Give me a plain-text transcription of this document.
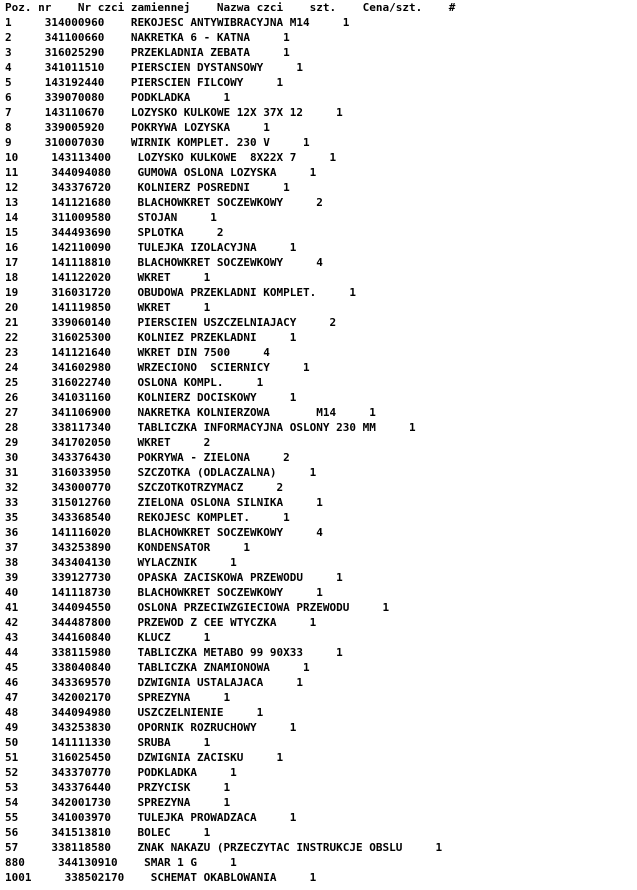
Poz. nr    Nr czci zamiennej    Nazwa czci    szt.    Cena/szt.    #
1     314000960    REKOJESC ANTYWIBRACYJNA M14     1
2     341100660    NAKRETKA 6 - KATNA     1
3     316025290    PRZEKLADNIA ZEBATA     1
4     341011510    PIERSCIEN DYSTANSOWY     1
5     143192440    PIERSCIEN FILCOWY     1
6     339070080    PODKLADKA     1
7     143110670    LOZYSKO KULKOWE 12X 37X 12     1
8     339005920    POKRYWA LOZYSKA     1
9     310007030    WIRNIK KOMPLET. 230 V     1
10     143113400    LOZYSKO KULKOWE  8X22X 7     1
11     344094080    GUMOWA OSLONA LOZYSKA     1
12     343376720    KOLNIERZ POSREDNI     1
13     141121680    BLACHOWKRET SOCZEWKOWY     2
14     311009580    STOJAN     1
15     344493690    SPLOTKA     2
16     142110090    TULEJKA IZOLACYJNA     1
17     141118810    BLACHOWKRET SOCZEWKOWY     4
18     141122020    WKRET     1
19     316031720    OBUDOWA PRZEKLADNI KOMPLET.     1
20     141119850    WKRET     1
21     339060140    PIERSCIEN USZCZELNIAJACY     2
22     316025300    KOLNIEZ PRZEKLADNI     1
23     141121640    WKRET DIN 7500     4
24     341602980    WRZECIONO  SCIERNICY     1
25     316022740    OSLONA KOMPL.     1
26     341031160    KOLNIERZ DOCISKOWY     1
27     341106900    NAKRETKA KOLNIERZOWA       M14     1
28     338117340    TABLICZKA INFORMACYJNA OSLONY 230 MM     1
29     341702050    WKRET     2
30     343376430    POKRYWA - ZIELONA     2
31     316033950    SZCZOTKA (ODLACZALNA)     1
32     343000770    SZCZOTKOTRZYMACZ     2
33     315012760    ZIELONA OSLONA SILNIKA     1
35     343368540    REKOJESC KOMPLET.     1
36     141116020    BLACHOWKRET SOCZEWKOWY     4
37     343253890    KONDENSATOR     1
38     343404130    WYLACZNIK     1
39     339127730    OPASKA ZACISKOWA PRZEWODU     1
40     141118730    BLACHOWKRET SOCZEWKOWY     1
41     344094550    OSLONA PRZECIWZGIECIOWA PRZEWODU     1
42     344487800    PRZEWOD Z CEE WTYCZKA     1
43     344160840    KLUCZ     1
44     338115980    TABLICZKA METABO 99 90X33     1
45     338040840    TABLICZKA ZNAMIONOWA     1
46     343369570    DZWIGNIA USTALAJACA     1
47     342002170    SPREZYNA     1
48     344094980    USZCZELNIENIE     1
49     343253830    OPORNIK ROZRUCHOWY     1
50     141111330    SRUBA     1
51     316025450    DZWIGNIA ZACISKU     1
52     343370770    PODKLADKA     1
53     343376440    PRZYCISK     1
54     342001730    SPREZYNA     1
55     341003970    TULEJKA PROWADZACA     1
56     341513810    BOLEC     1
57     338118580    ZNAK NAKAZU (PRZECZYTAC INSTRUKCJE OBSLU     1
880     344130910    SMAR 1 G     1
1001     338502170    SCHEMAT OKABLOWANIA     1
